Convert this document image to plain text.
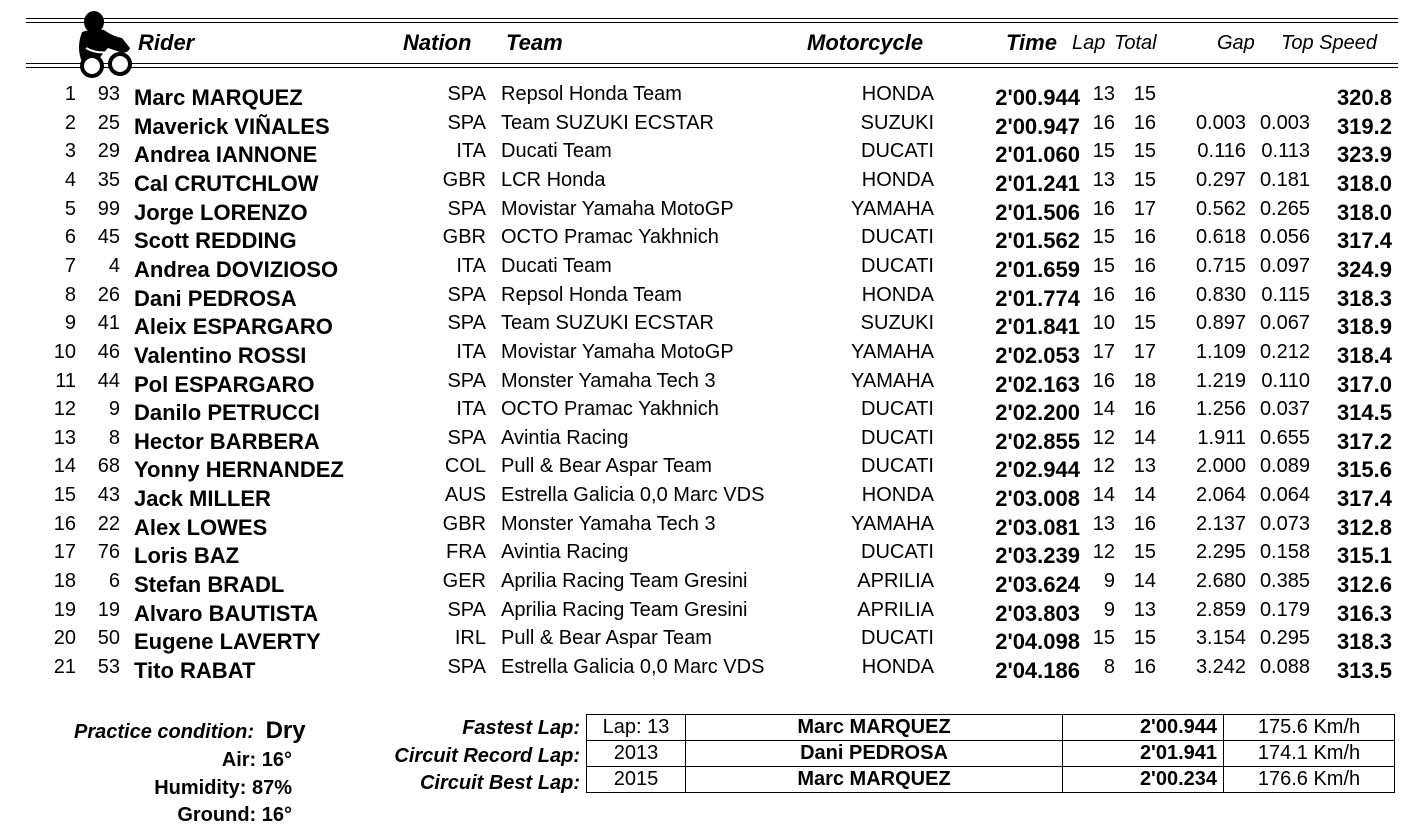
Rider	Nation Team	Motorcycle	Time Lap Total	Gap Top Speed
1 93 Marc MARQUEZ	SPA Repsol Honda Team	HONDA	2'00.944 13 15	320.8
2 25 Maverick VIÑALES	SPA Team SUZUKI ECSTAR	SUZUKI	2'00.947 16 16 0.003 0.003 319.2
3 29 Andrea IANNONE	ITA Ducati Team	DUCATI	2'01.060 15 15 0.116 0.113 323.9
4 35 Cal CRUTCHLOW	GBR LCR Honda	HONDA	2'01.241 13 15 0.297 0.181 318.0
5 99 Jorge LORENZO	SPA Movistar Yamaha MotoGP	YAMAHA	2'01.506 16 17 0.562 0.265 318.0
6 45 Scott REDDING	GBR OCTO Pramac Yakhnich	DUCATI	2'01.562 15 16 0.618 0.056 317.4
7 4 Andrea DOVIZIOSO	ITA Ducati Team	DUCATI	2'01.659 15 16 0.715 0.097 324.9
8 26 Dani PEDROSA	SPA Repsol Honda Team	HONDA	2'01.774 16 16 0.830 0.115 318.3
9 41 Aleix ESPARGARO	SPA Team SUZUKI ECSTAR	SUZUKI	2'01.841 10 15 0.897 0.067 318.9
10 46 Valentino ROSSI	ITA Movistar Yamaha MotoGP	YAMAHA	2'02.053 17 17 1.109 0.212 318.4
11 44 Pol ESPARGARO	SPA Monster Yamaha Tech 3	YAMAHA	2'02.163 16 18 1.219 0.110 317.0
12 9 Danilo PETRUCCI	ITA OCTO Pramac Yakhnich	DUCATI	2'02.200 14 16 1.256 0.037 314.5
13 8 Hector BARBERA	SPA Avintia Racing	DUCATI	2'02.855 12 14 1.911 0.655 317.2
14 68 Yonny HERNANDEZ	COL Pull & Bear Aspar Team	DUCATI	2'02.944 12 13 2.000 0.089 315.6
15 43 Jack MILLER	AUS Estrella Galicia 0,0 Marc VDS	HONDA	2'03.008 14 14 2.064 0.064 317.4
16 22 Alex LOWES	GBR Monster Yamaha Tech 3	YAMAHA	2'03.081 13 16 2.137 0.073 312.8
17 76 Loris BAZ	FRA Avintia Racing	DUCATI	2'03.239 12 15 2.295 0.158 315.1
18 6 Stefan BRADL	GER Aprilia Racing Team Gresini	APRILIA	2'03.624 9 14 2.680 0.385 312.6
19 19 Alvaro BAUTISTA	SPA Aprilia Racing Team Gresini	APRILIA	2'03.803 9 13 2.859 0.179 316.3
20 50 Eugene LAVERTY	IRL Pull & Bear Aspar Team	DUCATI	2'04.098 15 15 3.154 0.295 318.3
21 53 Tito RABAT	SPA Estrella Galicia 0,0 Marc VDS	HONDA	2'04.186 8 16 3.242 0.088 313.5
Practice condition: Dry
Air: 16°
Humidity: 87%
Ground: 16°
Fastest Lap:
Circuit Record Lap:
Circuit Best Lap:
Lap: 13	Marc MARQUEZ	2'00.944	175.6 Km/h
2013	Dani PEDROSA	2'01.941	174.1 Km/h
2015	Marc MARQUEZ	2'00.234	176.6 Km/h
